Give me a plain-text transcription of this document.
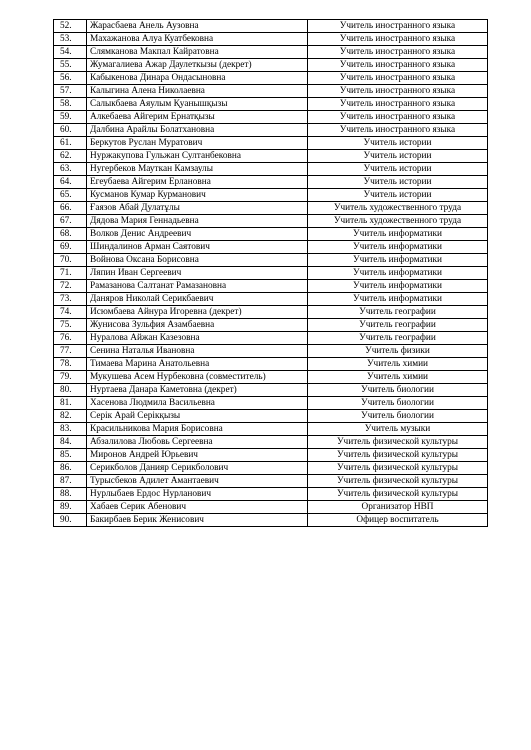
52.	Жарасбаева Анель Аузовна	Учитель иностранного языка
53.	Махажанова Алуа Куатбековна	Учитель иностранного языка
54.	Слямканова Макпал Кайратовна	Учитель иностранного языка
55.	Жумагалиева Ажар Даулеткызы (декрет)	Учитель иностранного языка
56.	Кабыкенова Динара Ондасыновна	Учитель иностранного языка
57.	Калыгина Алена Николаевна	Учитель иностранного языка
58.	Салыкбаева Аяулым Қуанышқызы	Учитель иностранного языка
59.	Алкебаева Айгерим Ернатқызы	Учитель иностранного языка
60.	Далбина Арайлы Болатхановна	Учитель иностранного языка
61.	Беркутов Руслан Муратович	Учитель истории
62.	Нуржакупова Гульжан Султанбековна	Учитель истории
63.	Нугербеков Мауткан Камзаулы	Учитель истории
64.	Егеубаева Айгерим Ерлановна	Учитель истории
65.	Кусманов Кумар Курманович	Учитель истории
66.	Ғаязов Абай Дулатұлы	Учитель художественного труда
67.	Дядова Мария Геннадьевна	Учитель художественного труда
68.	Волков Денис Андреевич	Учитель информатики
69.	Шиндалинов Арман Саятович	Учитель информатики
70.	Войнова Оксана Борисовна	Учитель информатики
71.	Ляпин Иван Сергеевич	Учитель информатики
72.	Рамазанова Салтанат Рамазановна	Учитель информатики
73.	Даняров Николай Серикбаевич	Учитель информатики
74.	Исюмбаева Айнура Игоревна (декрет)	Учитель географии
75.	Жунисова Зульфия Азамбаевна	Учитель географии
76.	Нуралова Айжан Казезовна	Учитель географии
77.	Сенина Наталья Ивановна	Учитель физики
78.	Тимаева Марина Анатольевна	Учитель химии
79.	Мукушева Асем Нурбековна (совместитель)	Учитель химии
80.	Нуртаева Данара Каметовна (декрет)	Учитель биологии
81.	Хасенова Людмила Васильевна	Учитель биологии
82.	Серік Арай Серікқызы	Учитель биологии
83.	Красильникова Мария Борисовна	Учитель музыки
84.	Абзалилова Любовь Сергеевна	Учитель физической культуры
85.	Миронов Андрей Юрьевич	Учитель физической культуры
86.	Серикболов Данияр Серикболович	Учитель физической культуры
87.	Турысбеков Адилет Амантаевич	Учитель физической культуры
88.	Нурлыбаев Ердос Нурланович	Учитель физической культуры
89.	Хабаев Серик Абенович	Организатор НВП
90.	Бакирбаев Берик Женисович	Офицер воспитатель
